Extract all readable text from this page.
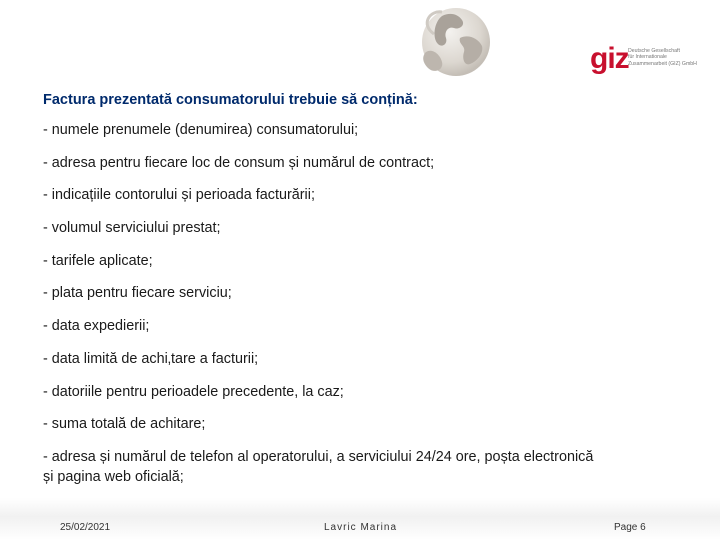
giz Deutsche Gesellschaft
für Internationale
Zusammenarbeit (GIZ) GmbH
Factura prezentată consumatorului trebuie să conțină:
- numele prenumele (denumirea) consumatorului;
- adresa pentru fiecare loc de consum și numărul de contract;
- indicațiile contorului și perioada facturării;
- volumul serviciului prestat;
- tarifele aplicate;
- plata pentru fiecare serviciu;
- data expedierii;
- data limită de achi‚tare a facturii;
- datoriile pentru perioadele precedente, la caz;
- suma totală de achitare;
- adresa și numărul de telefon al operatorului, a serviciului 24/24 ore, poșta electronică și pagina web oficială;
25/02/2021	Lavric Marina	Page 6
